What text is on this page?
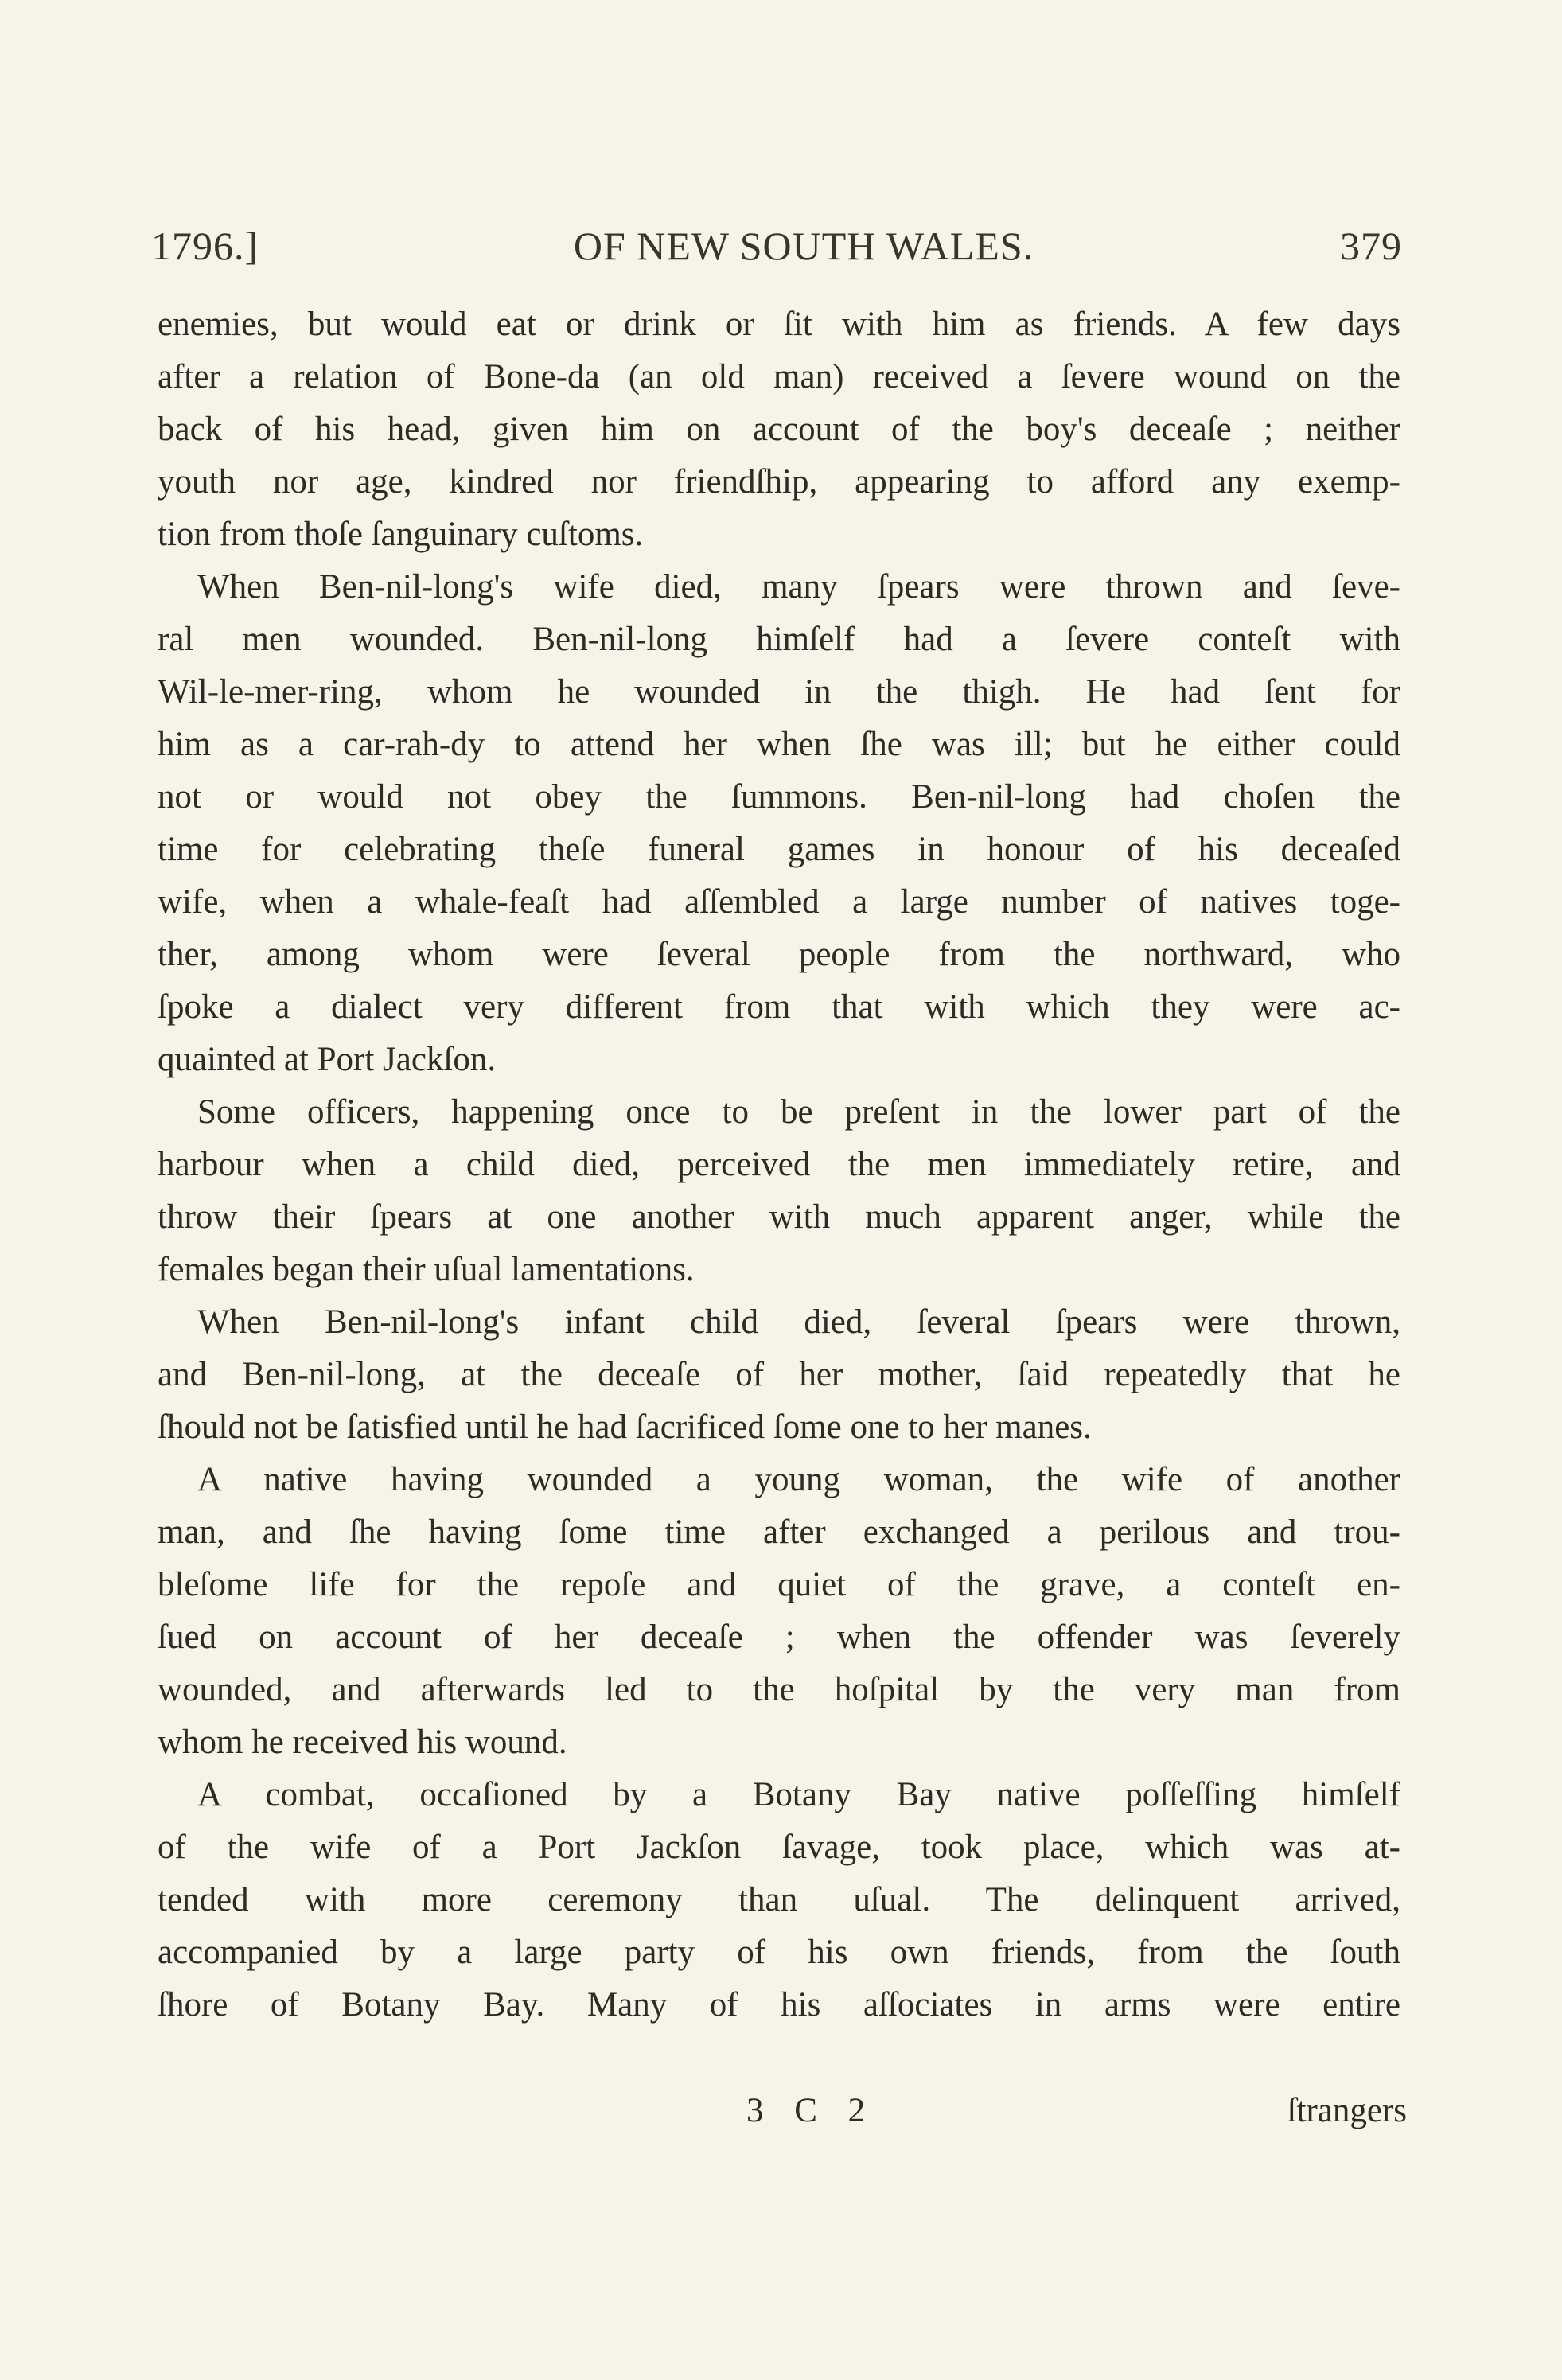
1796.]	OF NEW SOUTH WALES.	379
enemies, but would eat or drink or ſit with him as friends. A few days
after a relation of Bone-da (an old man) received a ſevere wound on the
back of his head, given him on account of the boy's deceaſe ; neither
youth nor age, kindred nor friendſhip, appearing to afford any exemp-
tion from thoſe ſanguinary cuſtoms.
When Ben-nil-long's wife died, many ſpears were thrown and ſeve-
ral men wounded. Ben-nil-long himſelf had a ſevere conteſt with
Wil-le-mer-ring, whom he wounded in the thigh. He had ſent for
him as a car-rah-dy to attend her when ſhe was ill; but he either could
not or would not obey the ſummons. Ben-nil-long had choſen the
time for celebrating theſe funeral games in honour of his deceaſed
wife, when a whale-feaſt had aſſembled a large number of natives toge-
ther, among whom were ſeveral people from the northward, who
ſpoke a dialect very different from that with which they were ac-
quainted at Port Jackſon.
Some officers, happening once to be preſent in the lower part of the
harbour when a child died, perceived the men immediately retire, and
throw their ſpears at one another with much apparent anger, while the
females began their uſual lamentations.
When Ben-nil-long's infant child died, ſeveral ſpears were thrown,
and Ben-nil-long, at the deceaſe of her mother, ſaid repeatedly that he
ſhould not be ſatisfied until he had ſacrificed ſome one to her manes.
A native having wounded a young woman, the wife of another
man, and ſhe having ſome time after exchanged a perilous and trou-
bleſome life for the repoſe and quiet of the grave, a conteſt en-
ſued on account of her deceaſe ; when the offender was ſeverely
wounded, and afterwards led to the hoſpital by the very man from
whom he received his wound.
A combat, occaſioned by a Botany Bay native poſſeſſing himſelf
of the wife of a Port Jackſon ſavage, took place, which was at-
tended with more ceremony than uſual. The delinquent arrived,
accompanied by a large party of his own friends, from the ſouth
ſhore of Botany Bay. Many of his aſſociates in arms were entire
3 C 2	ſtrangers
